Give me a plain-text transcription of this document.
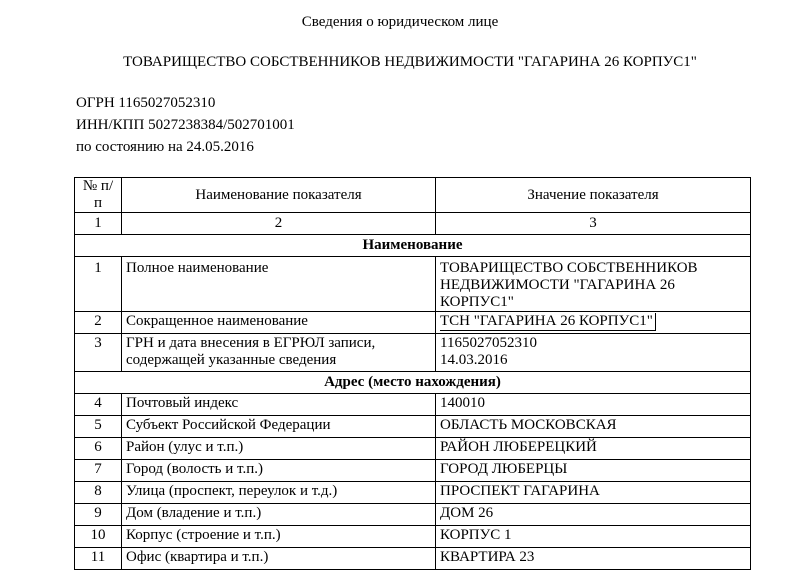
Сведения о юридическом лице
ТОВАРИЩЕСТВО СОБСТВЕННИКОВ НЕДВИЖИМОСТИ "ГАГАРИНА 26 КОРПУС1"
ОГРН 1165027052310
ИНН/КПП 5027238384/502701001
по состоянию на 24.05.2016
№ п/п	Наименование показателя	Значение показателя
1	2	3
Наименование		
1	Полное наименование	ТОВАРИЩЕСТВО СОБСТВЕННИКОВ НЕДВИЖИМОСТИ "ГАГАРИНА 26 КОРПУС1"
2	Сокращенное наименование	ТСН "ГАГАРИНА 26 КОРПУС1"
3	ГРН и дата внесения в ЕГРЮЛ записи, содержащей указанные сведения	1165027052310
14.03.2016

Адрес (место нахождения)		
4	Почтовый индекс	140010
5	Субъект Российской Федерации	ОБЛАСТЬ МОСКОВСКАЯ
6	Район (улус и т.п.)	РАЙОН ЛЮБЕРЕЦКИЙ
7	Город (волость и т.п.)	ГОРОД ЛЮБЕРЦЫ
8	Улица (проспект, переулок и т.д.)	ПРОСПЕКТ ГАГАРИНА
9	Дом (владение и т.п.)	ДОМ 26
10	Корпус (строение и т.п.)	КОРПУС 1
11	Офис (квартира и т.п.)	КВАРТИРА 23
